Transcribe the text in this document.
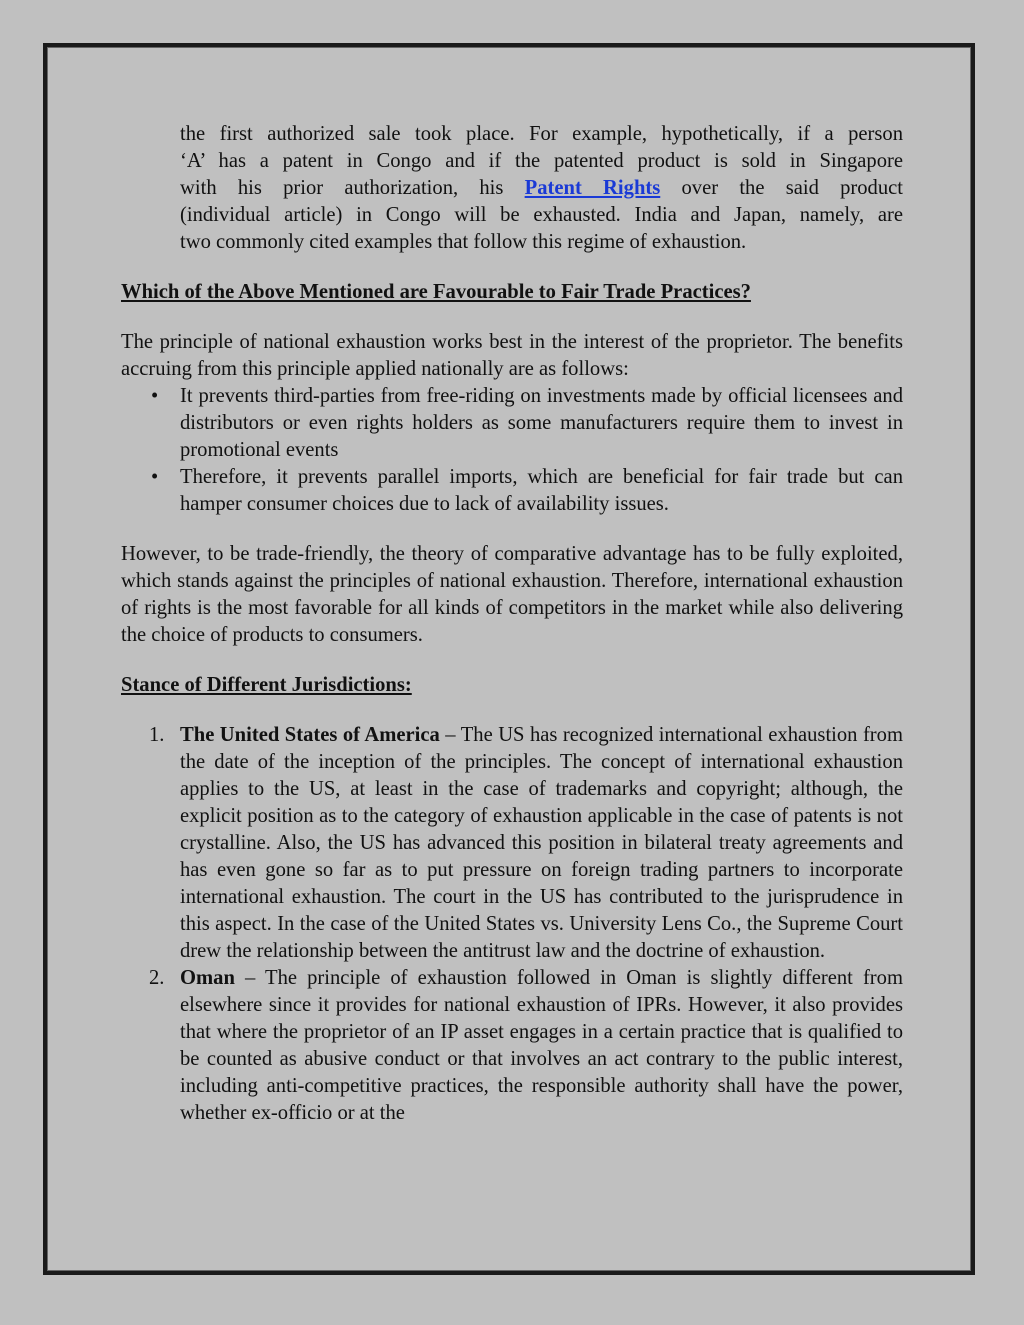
the first authorized sale took place. For example, hypothetically, if a person

‘A’ has a patent in Congo and if the patented product is sold in Singapore

with his prior authorization, his Patent Rights over the said product

(individual article) in Congo will be exhausted. India and Japan, namely, are

two commonly cited examples that follow this regime of exhaustion.

Which of the Above Mentioned are Favourable to Fair Trade Practices?

The principle of national exhaustion works best in the interest of the proprietor. The benefits accruing from this principle applied nationally are as follows:

• It prevents third-parties from free-riding on investments made by official licensees and distributors or even rights holders as some manufacturers require them to invest in promotional events
• Therefore, it prevents parallel imports, which are beneficial for fair trade but can hamper consumer choices due to lack of availability issues.

However, to be trade-friendly, the theory of comparative advantage has to be fully exploited, which stands against the principles of national exhaustion. Therefore, international exhaustion of rights is the most favorable for all kinds of competitors in the market while also delivering the choice of products to consumers.

Stance of Different Jurisdictions:

1. The United States of America – The US has recognized international exhaustion from the date of the inception of the principles. The concept of international exhaustion applies to the US, at least in the case of trademarks and copyright; although, the explicit position as to the category of exhaustion applicable in the case of patents is not crystalline. Also, the US has advanced this position in bilateral treaty agreements and has even gone so far as to put pressure on foreign trading partners to incorporate international exhaustion. The court in the US has contributed to the jurisprudence in this aspect. In the case of the United States vs. University Lens Co., the Supreme Court drew the relationship between the antitrust law and the doctrine of exhaustion.
2. Oman – The principle of exhaustion followed in Oman is slightly different from elsewhere since it provides for national exhaustion of IPRs. However, it also provides that where the proprietor of an IP asset engages in a certain practice that is qualified to be counted as abusive conduct or that involves an act contrary to the public interest, including anti-competitive practices, the responsible authority shall have the power, whether ex-officio or at the
